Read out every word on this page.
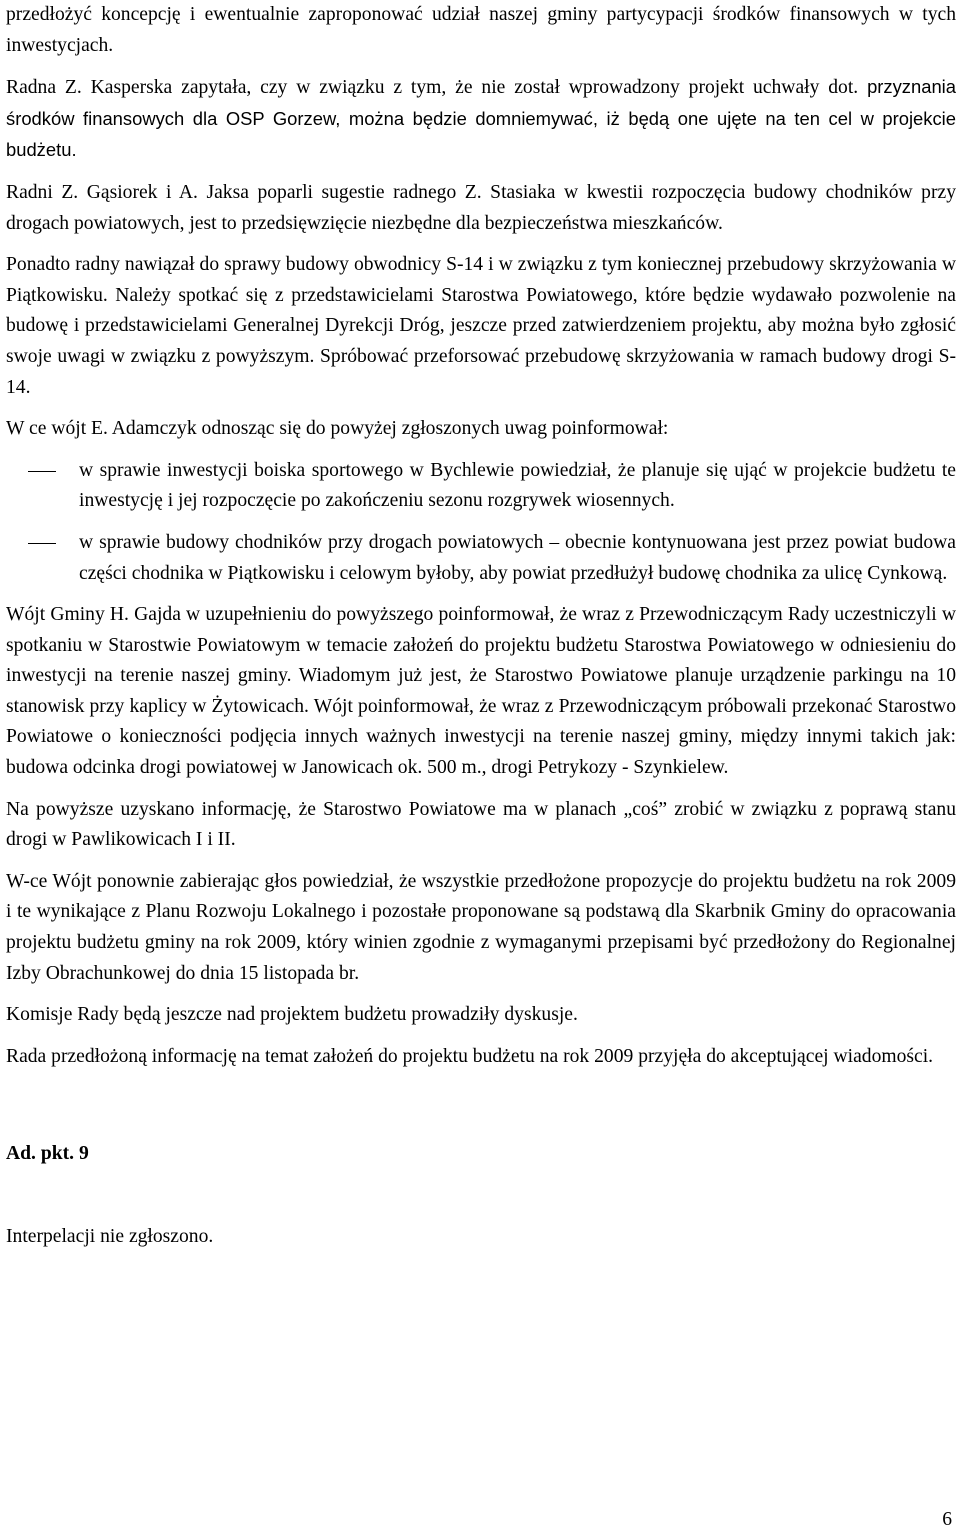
przedłożyć koncepcję i ewentualnie zaproponować udział naszej gminy partycypacji środków finansowych w tych inwestycjach.

Radna Z. Kasperska zapytała, czy w związku z tym, że nie został wprowadzony projekt uchwały dot. przyznania środków finansowych dla OSP Gorzew, można będzie domniemywać, iż będą one ujęte na ten cel w projekcie budżetu.

Radni Z. Gąsiorek i A. Jaksa poparli sugestie radnego Z. Stasiaka w kwestii rozpoczęcia budowy chodników przy drogach powiatowych, jest to przedsięwzięcie niezbędne dla bezpieczeństwa mieszkańców.

Ponadto radny nawiązał do sprawy budowy obwodnicy S-14 i w związku z tym koniecznej przebudowy skrzyżowania w Piątkowisku. Należy spotkać się z przedstawicielami Starostwa Powiatowego, które będzie wydawało pozwolenie na budowę i przedstawicielami Generalnej Dyrekcji Dróg, jeszcze przed zatwierdzeniem projektu, aby można było zgłosić swoje uwagi w związku z powyższym. Spróbować przeforsować przebudowę skrzyżowania w ramach budowy drogi S-14.

W ce wójt E. Adamczyk odnosząc się do powyżej zgłoszonych uwag poinformował:

w sprawie inwestycji boiska sportowego w Bychlewie powiedział, że planuje się ująć w projekcie budżetu te inwestycję i jej rozpoczęcie po zakończeniu sezonu rozgrywek wiosennych.
w sprawie budowy chodników przy drogach powiatowych – obecnie kontynuowana jest przez powiat budowa części chodnika w Piątkowisku i celowym byłoby, aby powiat przedłużył budowę chodnika za ulicę Cynkową.

Wójt Gminy H. Gajda w uzupełnieniu do powyższego poinformował, że wraz z Przewodniczącym Rady uczestniczyli w spotkaniu w Starostwie Powiatowym w temacie założeń do projektu budżetu Starostwa Powiatowego w odniesieniu do inwestycji na terenie naszej gminy. Wiadomym już jest, że Starostwo Powiatowe planuje urządzenie parkingu na 10 stanowisk przy kaplicy w Żytowicach. Wójt poinformował, że wraz z Przewodniczącym próbowali przekonać Starostwo Powiatowe o konieczności podjęcia innych ważnych inwestycji na terenie naszej gminy, między innymi takich jak: budowa odcinka drogi powiatowej w Janowicach ok. 500 m., drogi Petrykozy - Szynkielew.

Na powyższe uzyskano informację, że Starostwo Powiatowe ma w planach „coś” zrobić w związku z poprawą stanu drogi w Pawlikowicach I i II.

W-ce Wójt ponownie zabierając głos powiedział, że wszystkie przedłożone propozycje do projektu budżetu na rok 2009 i te wynikające z Planu Rozwoju Lokalnego i pozostałe proponowane są podstawą dla Skarbnik Gminy do opracowania projektu budżetu gminy na rok 2009, który winien zgodnie z wymaganymi przepisami być przedłożony do Regionalnej Izby Obrachunkowej do dnia 15 listopada br.

Komisje Rady będą jeszcze nad projektem budżetu prowadziły dyskusje.

Rada przedłożoną informację na temat założeń do projektu budżetu na rok 2009 przyjęła do akceptującej wiadomości.

Ad. pkt. 9

Interpelacji nie zgłoszono.

6
